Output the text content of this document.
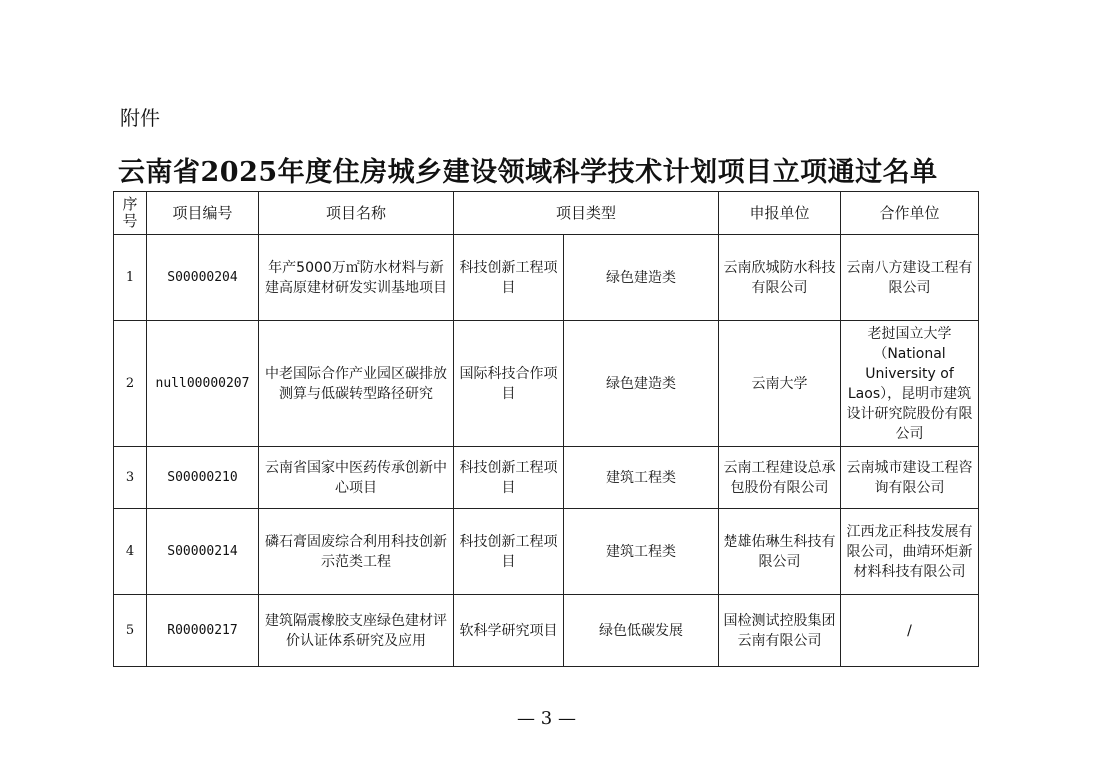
附件
云南省2025年度住房城乡建设领域科学技术计划项目立项通过名单
序号	项目编号	项目名称	项目类型		申报单位	合作单位
1	S00000204	年产5000万㎡防水材料与新建高原建材研发实训基地项目	科技创新工程项目	绿色建造类	云南欣城防水科技有限公司	云南八方建设工程有限公司
2	null00000207	中老国际合作产业园区碳排放测算与低碳转型路径研究	国际科技合作项目	绿色建造类	云南大学	老挝国立大学（National University of Laos），昆明市建筑设计研究院股份有限公司
3	S00000210	云南省国家中医药传承创新中心项目	科技创新工程项目	建筑工程类	云南工程建设总承包股份有限公司	云南城市建设工程咨询有限公司
4	S00000214	磷石膏固废综合利用科技创新示范类工程	科技创新工程项目	建筑工程类	楚雄佑琳生科技有限公司	江西龙正科技发展有限公司，曲靖环炬新材料科技有限公司
5	R00000217	建筑隔震橡胶支座绿色建材评价认证体系研究及应用	软科学研究项目	绿色低碳发展	国检测试控股集团云南有限公司	/
— 3 —
